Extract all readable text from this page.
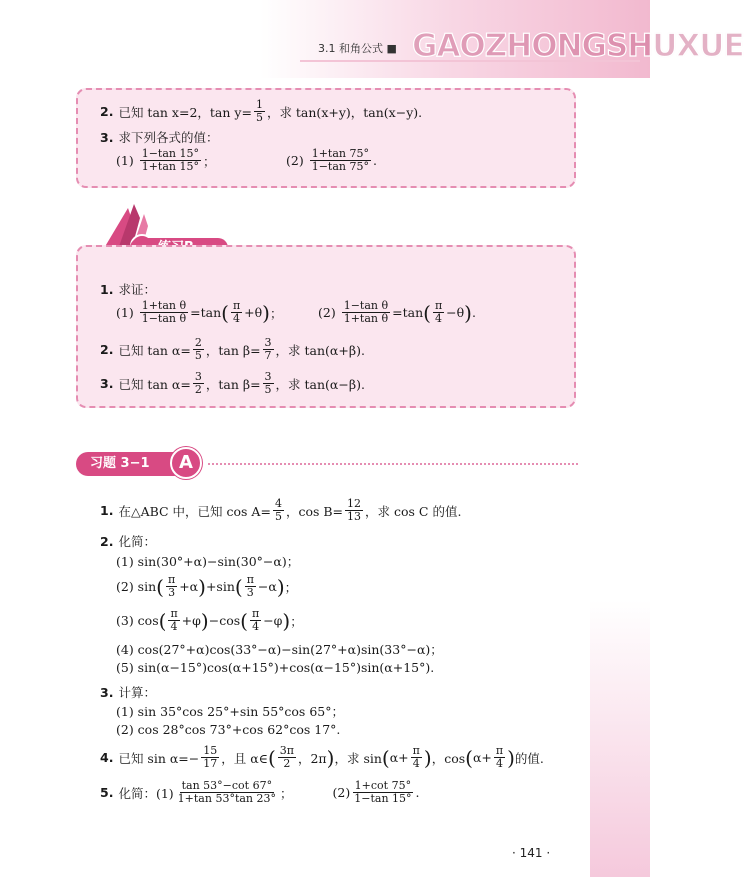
3.1 和角公式 ■ GAOZHONGSHUXUE
2. 已知 tan x=2，$\tan y= \frac{1}{5}$ ，求 tan(x+y)，tan(x−y).
3. 求下列各式的值：
$(1) \frac{1-\tan 15^\circ}{1+\tan 15^\circ}$ ；	$(2) \frac{1+\tan 75^\circ}{1-\tan 75^\circ}$ .
1. 求证：
$(1) \frac{\text{1+tan θ}}{\text{1−tan θ}} =\tan$ ( $\frac{\pi}{4} +\theta$ ) ；	$(2) \frac{\text{1−tan θ}}{\text{1+tan θ}} =\tan$ ( $\frac{\pi}{4} -\theta$ ) .
2. 已知 $\tan \alpha= \frac{2}{5}$ ，$\tan \beta= \frac{3}{7}$ ，求 tan(α+β).
3. 已知 $\tan \alpha= \frac{3}{2}$ ，$\tan \beta= \frac{3}{5}$ ，求 tan(α−β).
习题 3−1	A
1. 在△ABC 中，已知 $\cos A= \frac{4}{5}$ ，$\cos B= \frac{12}{13}$ ，求 cos C 的值.
2. 化简：
(1) sin(30°+α)−sin(30°−α)；
(2) sin ( $\frac{\pi}{3} +\alpha$ ) +sin ( $\frac{\pi}{3} -\alpha$ ) ；
(3) cos ( $\frac{\pi}{4} +\varphi$ ) −cos ( $\frac{\pi}{4} -\varphi$ ) ；
(4) cos(27°+α)cos(33°−α)−sin(27°+α)sin(33°−α)；
(5) sin(α−15°)cos(α+15°)+cos(α−15°)sin(α+15°).
3. 计算：
(1) sin 35°cos 25°+sin 55°cos 65°；
(2) cos 28°cos 73°+cos 62°cos 17°.
4. 已知 $\sin \alpha=- \frac{15}{17}$ ，且 α∈ ( $\frac{3\pi}{2}$ ，2π ) ，求 sin ( $\alpha+ \frac{\pi}{4}$ ) ，cos ( $\alpha+ \frac{\pi}{4}$ ) 的值.
5. 化简：$(1) \frac{\tan 53^\circ-\cot 67^\circ}{1+\tan 53^\circ\tan 23^\circ}$ ；	$(2) \frac{1+\cot 75^\circ}{1-\tan 15^\circ}$ .
· 141 ·
